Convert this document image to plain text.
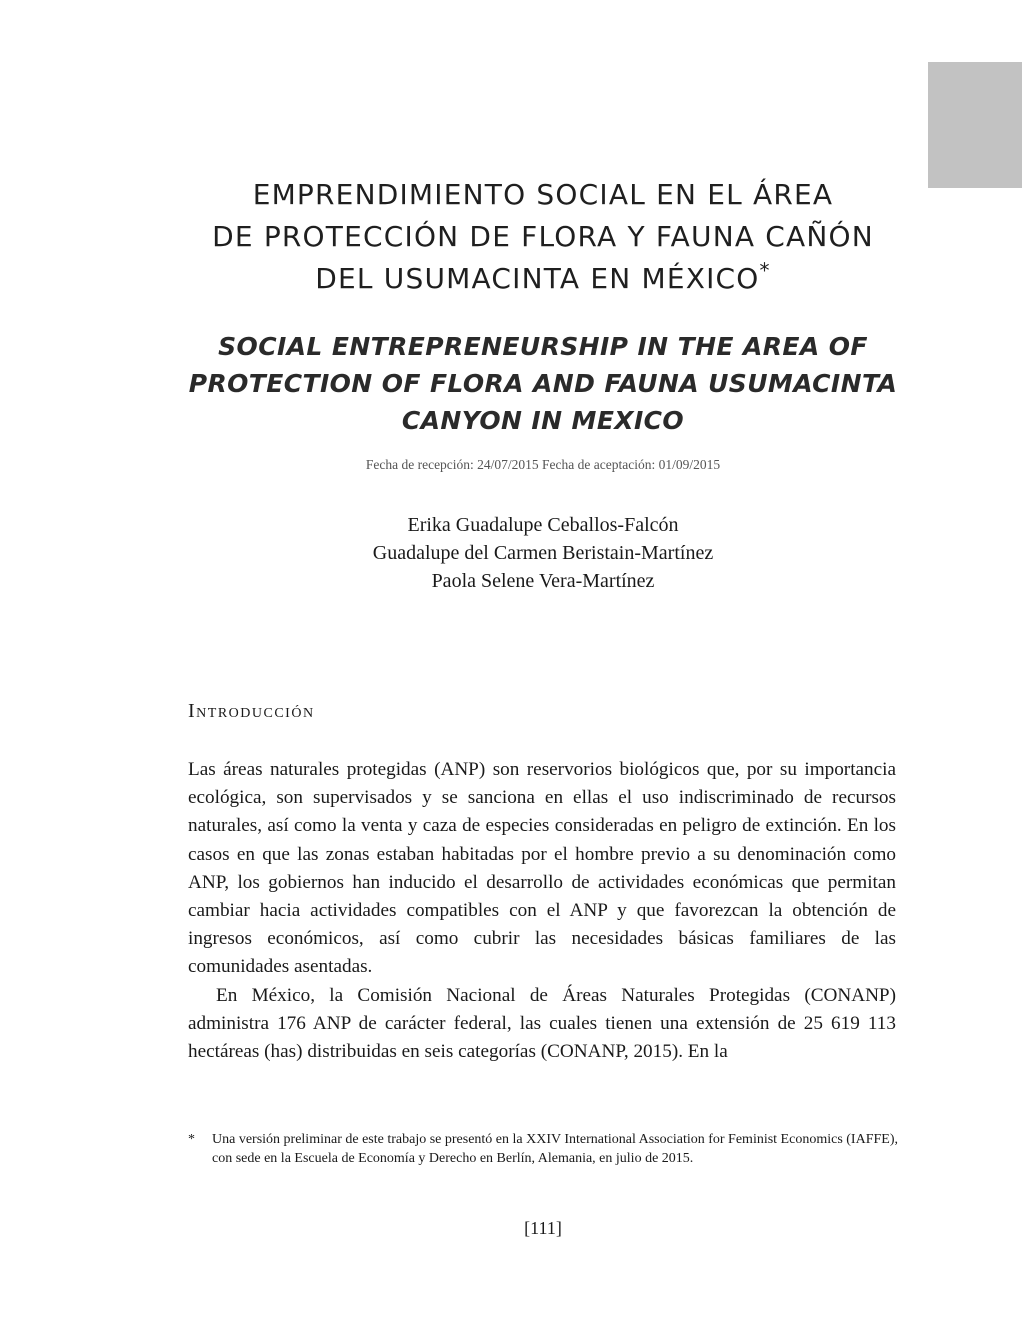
EMPRENDIMIENTO SOCIAL EN EL ÁREA
DE PROTECCIÓN DE FLORA Y FAUNA CAÑÓN
DEL USUMACINTA EN MÉXICO*
SOCIAL ENTREPRENEURSHIP IN THE AREA OF
PROTECTION OF FLORA AND FAUNA USUMACINTA
CANYON IN MEXICO
Fecha de recepción: 24/07/2015 Fecha de aceptación: 01/09/2015
Erika Guadalupe Ceballos-Falcón
Guadalupe del Carmen Beristain-Martínez
Paola Selene Vera-Martínez
Introducción

Las áreas naturales protegidas (ANP) son reservorios biológicos que, por su importancia ecológica, son supervisados y se sanciona en ellas el uso indiscriminado de recursos naturales, así como la venta y caza de especies consideradas en peligro de extinción. En los casos en que las zonas estaban habitadas por el hombre previo a su denominación como ANP, los gobiernos han inducido el desarrollo de actividades económicas que permitan cambiar hacia actividades compatibles con el ANP y que favorezcan la obtención de ingresos económicos, así como cubrir las necesidades básicas familiares de las comunidades asentadas.

En México, la Comisión Nacional de Áreas Naturales Protegidas (CONANP) administra 176 ANP de carácter federal, las cuales tienen una extensión de 25 619 113 hectáreas (has) distribuidas en seis categorías (CONANP, 2015). En la

*	Una versión preliminar de este trabajo se presentó en la XXIV International Association for Feminist Economics (IAFFE), con sede en la Escuela de Economía y Derecho en Berlín, Alemania, en julio de 2015.
[111]
